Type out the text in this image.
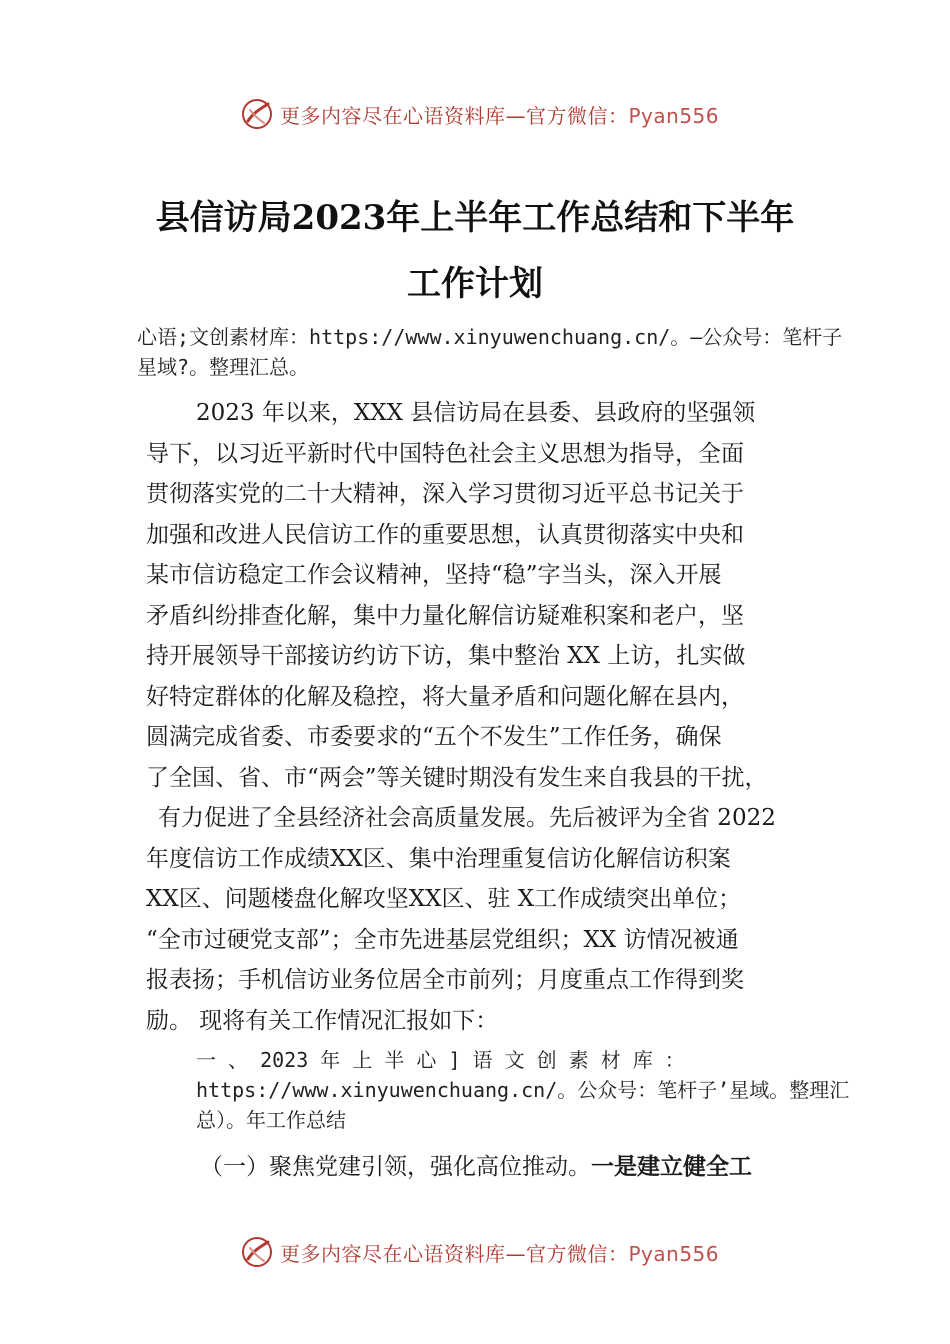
更多内容尽在心语资料库—官方微信：Pyan556
县信访局2023年上半年工作总结和下半年
工作计划
心语;文创素材库：https://www.xinyuwenchuang.cn/。—公众号：笔杆子星域?。整理汇总。
2023 年以来，XXX 县信访局在县委、县政府的坚强领
导下，以习近平新时代中国特色社会主义思想为指导，全面
贯彻落实党的二十大精神，深入学习贯彻习近平总书记关于
加强和改进人民信访工作的重要思想，认真贯彻落实中央和
某市信访稳定工作会议精神，坚持“稳”字当头，深入开展
矛盾纠纷排查化解，集中力量化解信访疑难积案和老户，坚
持开展领导干部接访约访下访，集中整治 XX 上访，扎实做
好特定群体的化解及稳控，将大量矛盾和问题化解在县内，
圆满完成省委、市委要求的“五个不发生”工作任务，确保
了全国、省、市“两会”等关键时期没有发生来自我县的干扰，
有力促进了全县经济社会高质量发展。先后被评为全省 2022
年度信访工作成绩XX区、集中治理重复信访化解信访积案
XX区、问题楼盘化解攻坚XX区、驻 X工作成绩突出单位；
“全市过硬党支部”；全市先进基层党组织；XX 访情况被通
报表扬；手机信访业务位居全市前列；月度重点工作得到奖
励。 现将有关工作情况汇报如下：
一 、 2023 年 上 半 心 ] 语 文 创 素 材 库 ：https://www.xinyuwenchuang.cn/。公众号：笔杆子’星域。整理汇总）。年工作总结
（一）聚焦党建引领，强化高位推动。一是建立健全工
更多内容尽在心语资料库—官方微信：Pyan556
